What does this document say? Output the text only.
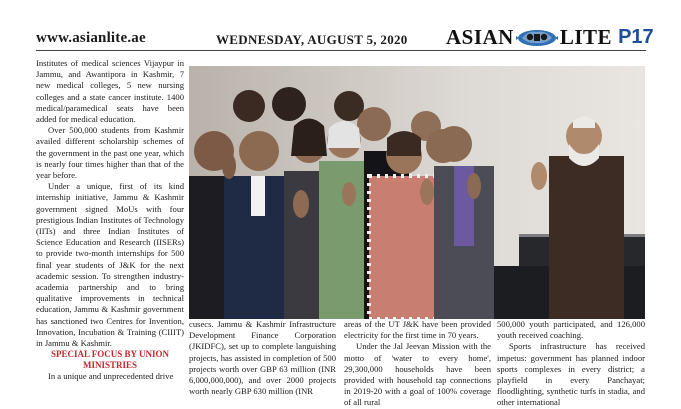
www.asianlite.ae	WEDNESDAY, AUGUST 5, 2020 ASIAN LITE P17

Institutes of medical sciences Vijaypur in Jammu, and Awantipora in Kashmir, 7 new medical colleges, 5 new nursing colleges and a state cancer institute. 1400 medical/paramedical seats have been added for medical education.

Over 500,000 students from Kashmir availed different scholarship schemes of the government in the past one year, which is nearly four times higher than that of the year before.

Under a unique, first of its kind internship initiative, Jammu & Kashmir government signed MoUs with four prestigious Indian Institutes of Technology (IITs) and three Indian Institutes of Science Education and Research (IISERs) to provide two-month internships for 500 final year students of J&K for the next academic session. To strengthen industry-academia partnership and to bring qualitative improvements in technical education, Jammu & Kashmir government has sanctioned two Centres for Invention, Innovation, Incubation & Training (CIIIT) in Jammu & Kashmir.

SPECIAL FOCUS BY UNION MINISTRIES

In a unique and unprecedented drive

cusecs. Jammu & Kashmir Infrastructure Development Finance Corporation (JKIDFC), set up to complete languishing projects, has assisted in completion of 500 projects worth over GBP 63 million (INR 6,000,000,000), and over 2000 projects worth nearly GBP 630 million (INR

areas of the UT J&K have been provided electricity for the first time in 70 years.

Under the Jal Jeevan Mission with the motto of 'water to every home', 29,300,000 households have been provided with household tap connections in 2019-20 with a goal of 100% coverage of all rural

500,000 youth participated, and 126,000 youth received coaching.

Sports infrastructure has received impetus: government has planned indoor sports complexes in every district; a playfield in every Panchayat; floodlighting, synthetic turfs in stadia, and other international
